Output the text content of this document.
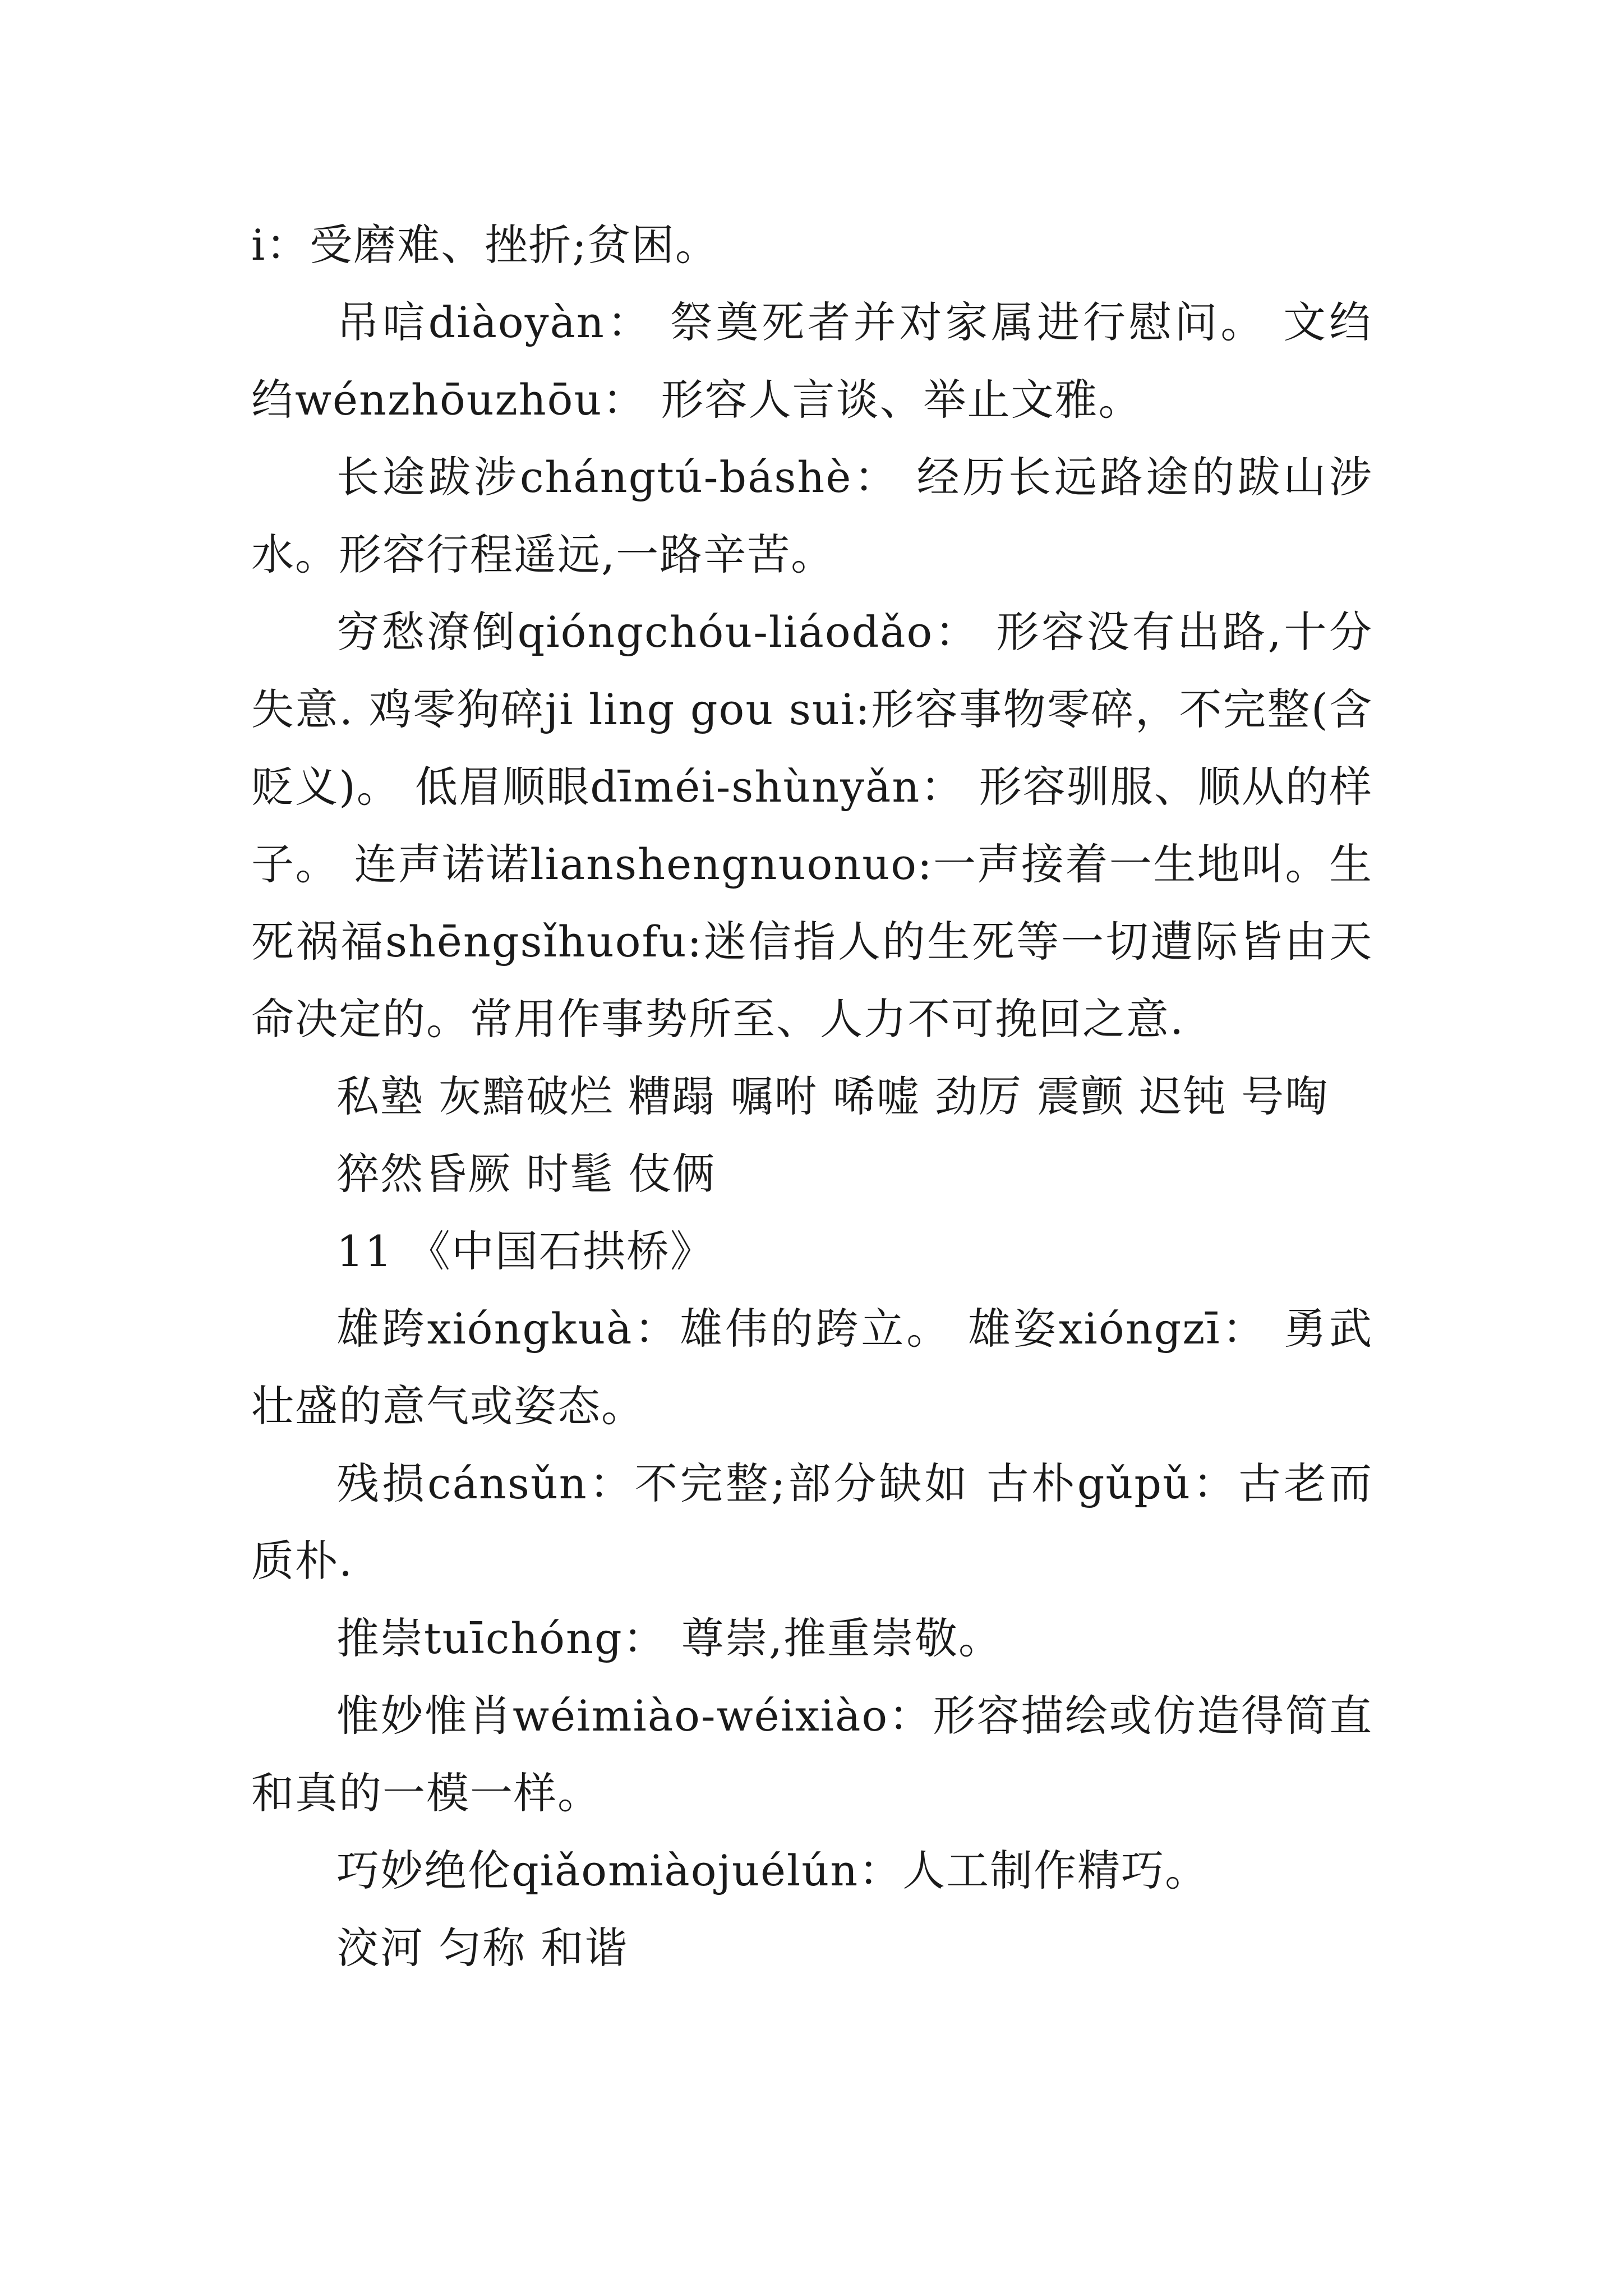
i：受磨难、挫折;贫困。

吊唁diàoyàn： 祭奠死者并对家属进行慰问。 文绉绉wénzhōuzhōu： 形容人言谈、举止文雅。

长途跋涉chángtú-báshè： 经历长远路途的跋山涉水。形容行程遥远,一路辛苦。

穷愁潦倒qióngchóu-liáodǎo： 形容没有出路,十分失意. 鸡零狗碎ji ling gou sui:形容事物零碎，不完整(含贬义)。 低眉顺眼dīméi-shùnyǎn： 形容驯服、顺从的样子。 连声诺诺lianshengnuonuo:一声接着一生地叫。生死祸福shēngsǐhuofu:迷信指人的生死等一切遭际皆由天命决定的。常用作事势所至、人力不可挽回之意.

私塾 灰黯破烂 糟蹋 嘱咐 唏嘘 劲厉 震颤 迟钝 号啕

猝然昏厥 时髦 伎俩

11 《中国石拱桥》

雄跨xióngkuà：雄伟的跨立。 雄姿xióngzī： 勇武壮盛的意气或姿态。

残损cánsǔn：不完整;部分缺如 古朴gǔpǔ：古老而质朴.

推崇tuīchóng： 尊崇,推重崇敬。

惟妙惟肖wéimiào-wéixiào：形容描绘或仿造得简直和真的一模一样。

巧妙绝伦qiǎomiàojuélún：人工制作精巧。

洨河 匀称 和谐
